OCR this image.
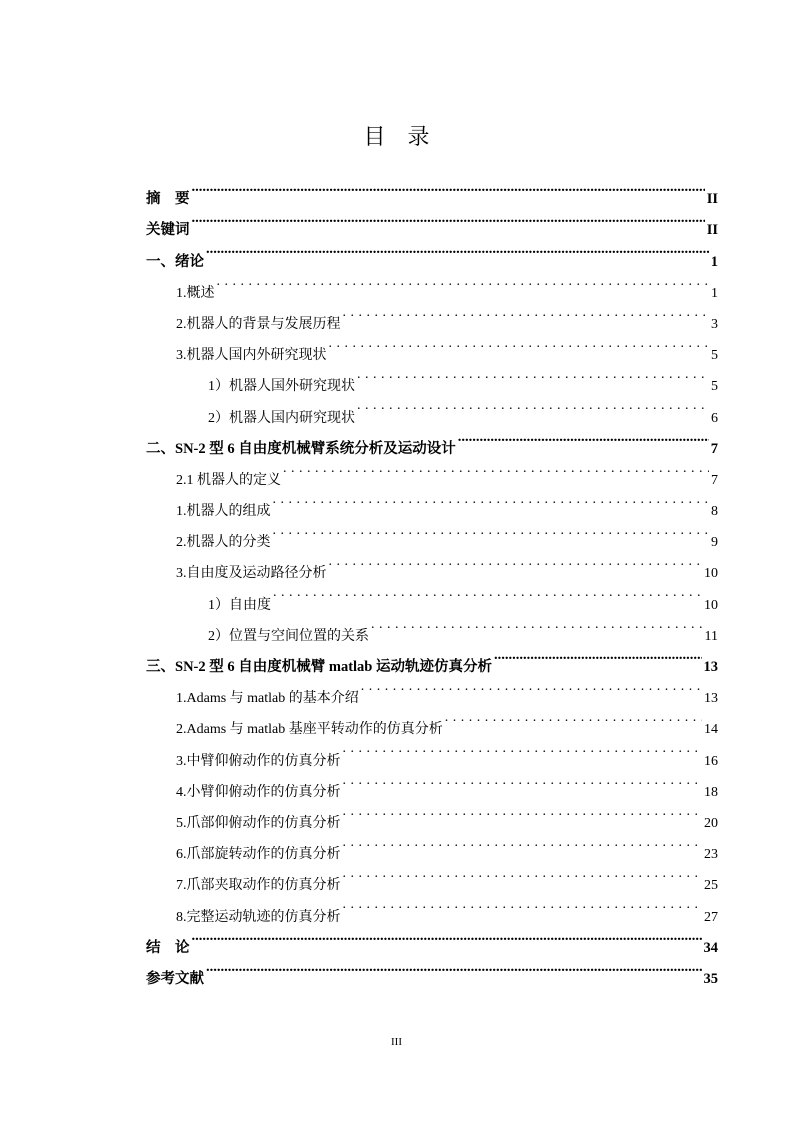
目录
摘　要 .....	II
关键词 .....	II
一、绪论 .....	1
1.概述 . . .	1
2.机器人的背景与发展历程 . . .	3
3.机器人国内外研究现状 . . .	5
1）机器人国外研究现状 . . .	5
2）机器人国内研究现状 . . .	6
二、SN-2 型 6 自由度机械臂系统分析及运动设计 .....	7
2.1 机器人的定义 . . .	7
1.机器人的组成 . . .	8
2.机器人的分类 . . .	9
3.自由度及运动路径分析 . . .	10
1）自由度 . . .	10
2）位置与空间位置的关系 . . .	11
三、SN-2 型 6 自由度机械臂 matlab 运动轨迹仿真分析 .....	13
1.Adams 与 matlab 的基本介绍 . . .	13
2.Adams 与 matlab 基座平转动作的仿真分析 . . .	14
3.中臂仰俯动作的仿真分析 . . .	16
4.小臂仰俯动作的仿真分析 . . .	18
5.爪部仰俯动作的仿真分析 . . .	20
6.爪部旋转动作的仿真分析 . . .	23
7.爪部夹取动作的仿真分析 . . .	25
8.完整运动轨迹的仿真分析 . . .	27
结　论 .....	34
参考文献 .....	35
III
